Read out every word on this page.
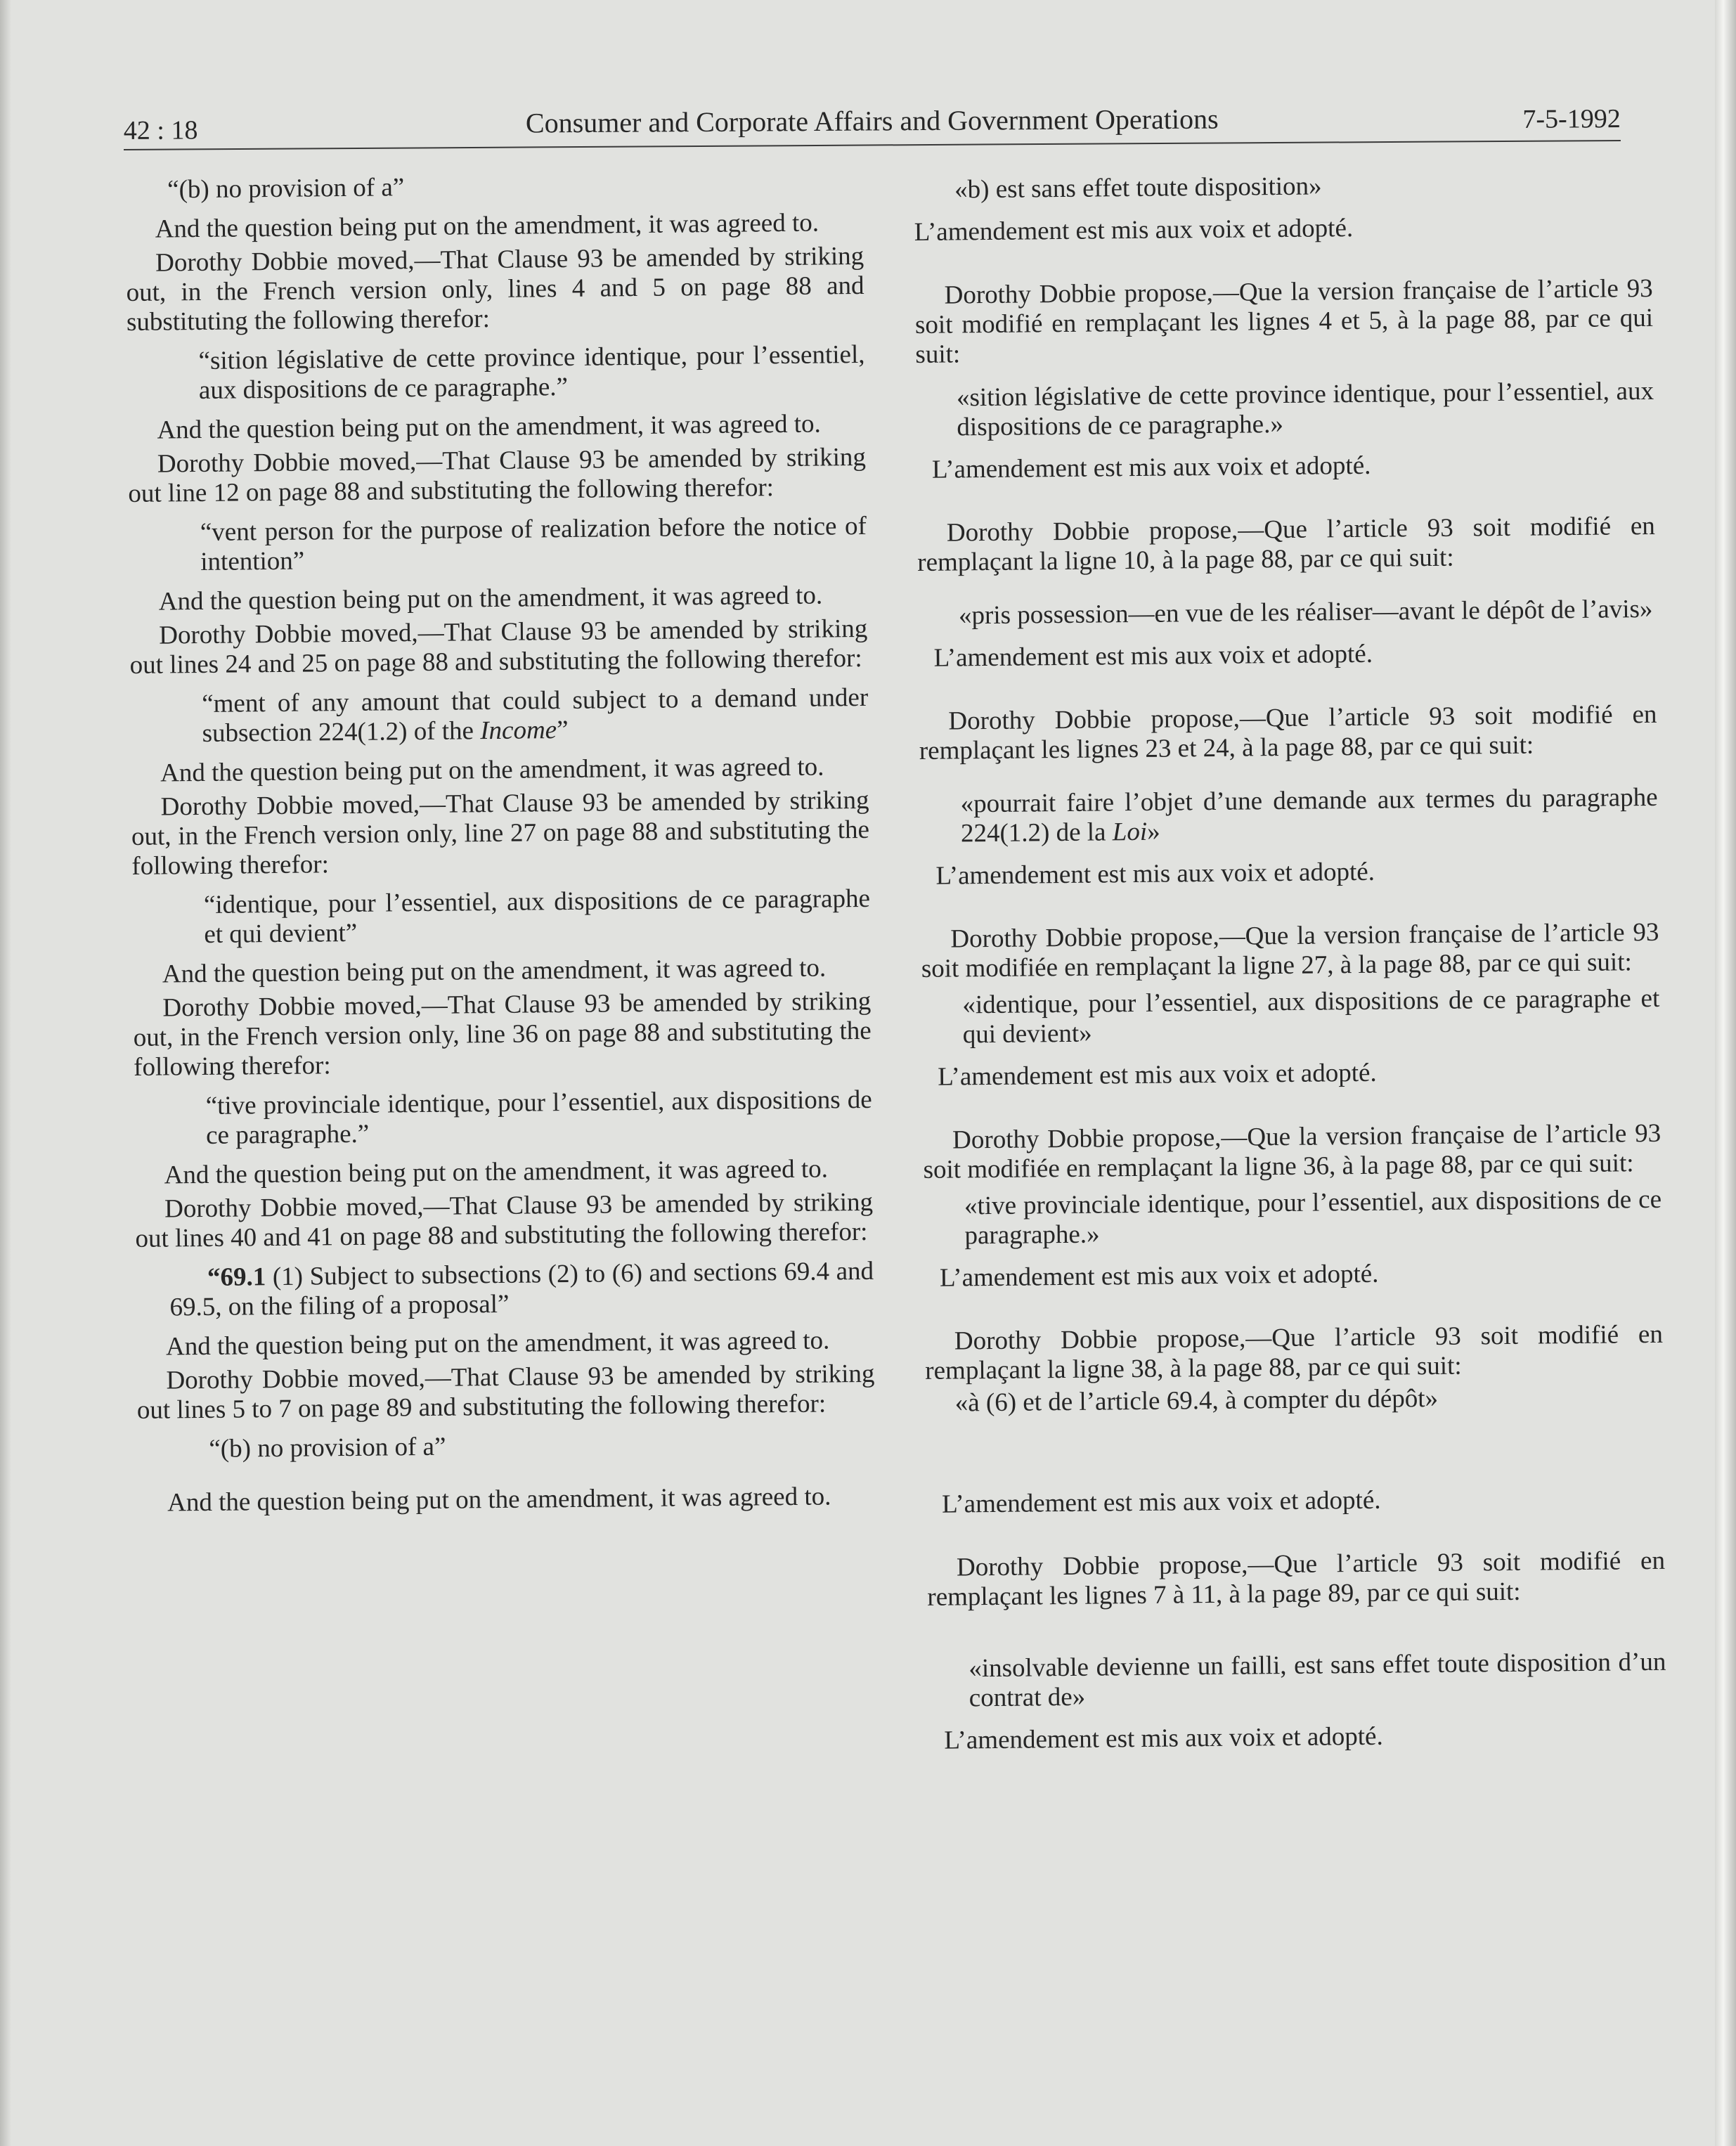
42 : 18	Consumer and Corporate Affairs and Government Operations	7-5-1992
“(b) no provision of a”

And the question being put on the amendment, it was agreed to.

Dorothy Dobbie moved,—That Clause 93 be amended by striking out, in the French version only, lines 4 and 5 on page 88 and substituting the following therefor:

“sition législative de cette province identique, pour l’essentiel, aux dispositions de ce paragraphe.”

And the question being put on the amendment, it was agreed to.

Dorothy Dobbie moved,—That Clause 93 be amended by striking out line 12 on page 88 and substituting the following therefor:

“vent person for the purpose of realization before the notice of intention”

And the question being put on the amendment, it was agreed to.

Dorothy Dobbie moved,—That Clause 93 be amended by striking out lines 24 and 25 on page 88 and substituting the following therefor:

“ment of any amount that could subject to a demand under subsection 224(1.2) of the Income”

And the question being put on the amendment, it was agreed to.

Dorothy Dobbie moved,—That Clause 93 be amended by striking out, in the French version only, line 27 on page 88 and substituting the following therefor:

“identique, pour l’essentiel, aux dispositions de ce paragraphe et qui devient”

And the question being put on the amendment, it was agreed to.

Dorothy Dobbie moved,—That Clause 93 be amended by striking out, in the French version only, line 36 on page 88 and substituting the following therefor:

“tive provinciale identique, pour l’essentiel, aux dispositions de ce paragraphe.”

And the question being put on the amendment, it was agreed to.

Dorothy Dobbie moved,—That Clause 93 be amended by striking out lines 40 and 41 on page 88 and substituting the following therefor:

“69.1 (1) Subject to subsections (2) to (6) and sections 69.4 and 69.5, on the filing of a proposal”

And the question being put on the amendment, it was agreed to.

Dorothy Dobbie moved,—That Clause 93 be amended by striking out lines 5 to 7 on page 89 and substituting the following therefor:

“(b) no provision of a”

And the question being put on the amendment, it was agreed to.

«b) est sans effet toute disposition»

L’amendement est mis aux voix et adopté.

Dorothy Dobbie propose,—Que la version française de l’article 93 soit modifié en remplaçant les lignes 4 et 5, à la page 88, par ce qui suit:

«sition législative de cette province identique, pour l’essentiel, aux dispositions de ce paragraphe.»

L’amendement est mis aux voix et adopté.

Dorothy Dobbie propose,—Que l’article 93 soit modifié en remplaçant la ligne 10, à la page 88, par ce qui suit:

«pris possession—en vue de les réaliser—avant le dépôt de l’avis»

L’amendement est mis aux voix et adopté.

Dorothy Dobbie propose,—Que l’article 93 soit modifié en remplaçant les lignes 23 et 24, à la page 88, par ce qui suit:

«pourrait faire l’objet d’une demande aux termes du paragraphe 224(1.2) de la Loi»

L’amendement est mis aux voix et adopté.

Dorothy Dobbie propose,—Que la version française de l’article 93 soit modifiée en remplaçant la ligne 27, à la page 88, par ce qui suit:

«identique, pour l’essentiel, aux dispositions de ce paragraphe et qui devient»

L’amendement est mis aux voix et adopté.

Dorothy Dobbie propose,—Que la version française de l’article 93 soit modifiée en remplaçant la ligne 36, à la page 88, par ce qui suit:

«tive provinciale identique, pour l’essentiel, aux dispositions de ce paragraphe.»

L’amendement est mis aux voix et adopté.

Dorothy Dobbie propose,—Que l’article 93 soit modifié en remplaçant la ligne 38, à la page 88, par ce qui suit:

«à (6) et de l’article 69.4, à compter du dépôt»

L’amendement est mis aux voix et adopté.

Dorothy Dobbie propose,—Que l’article 93 soit modifié en remplaçant les lignes 7 à 11, à la page 89, par ce qui suit:

«insolvable devienne un failli, est sans effet toute disposition d’un contrat de»

L’amendement est mis aux voix et adopté.
